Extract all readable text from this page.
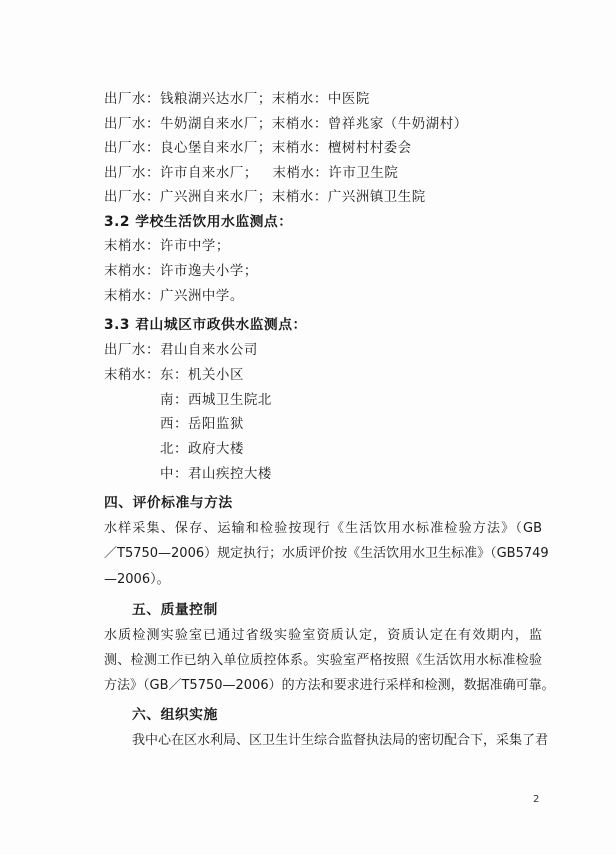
出厂水：钱粮湖兴达水厂；末梢水：中医院
出厂水：牛奶湖自来水厂；末梢水：曾祥兆家（牛奶湖村）
出厂水：良心堡自来水厂；末梢水：檀树村村委会
出厂水：许市自来水厂；   末梢水：许市卫生院
出厂水：广兴洲自来水厂；末梢水：广兴洲镇卫生院
3.2 学校生活饮用水监测点：
末梢水：许市中学；
末梢水：许市逸夫小学；
末梢水：广兴洲中学。
3.3 君山城区市政供水监测点：
出厂水：君山自来水公司
末稍水： 东：机关小区
南：西城卫生院北
西：岳阳监狱
北：政府大楼
中：君山疾控大楼
四、评价标准与方法
水样采集、保存、运输和检验按现行《生活饮用水标准检验方法》（GB
／T5750—2006）规定执行；水质评价按《生活饮用水卫生标准》（GB5749
—2006）。
五、质量控制
水质检测实验室已通过省级实验室资质认定，资质认定在有效期内，监
测、检测工作已纳入单位质控体系。实验室严格按照《生活饮用水标准检验
方法》（GB／T5750—2006）的方法和要求进行采样和检测，数据准确可靠。
六、组织实施
我中心在区水利局、区卫生计生综合监督执法局的密切配合下，采集了君
2
